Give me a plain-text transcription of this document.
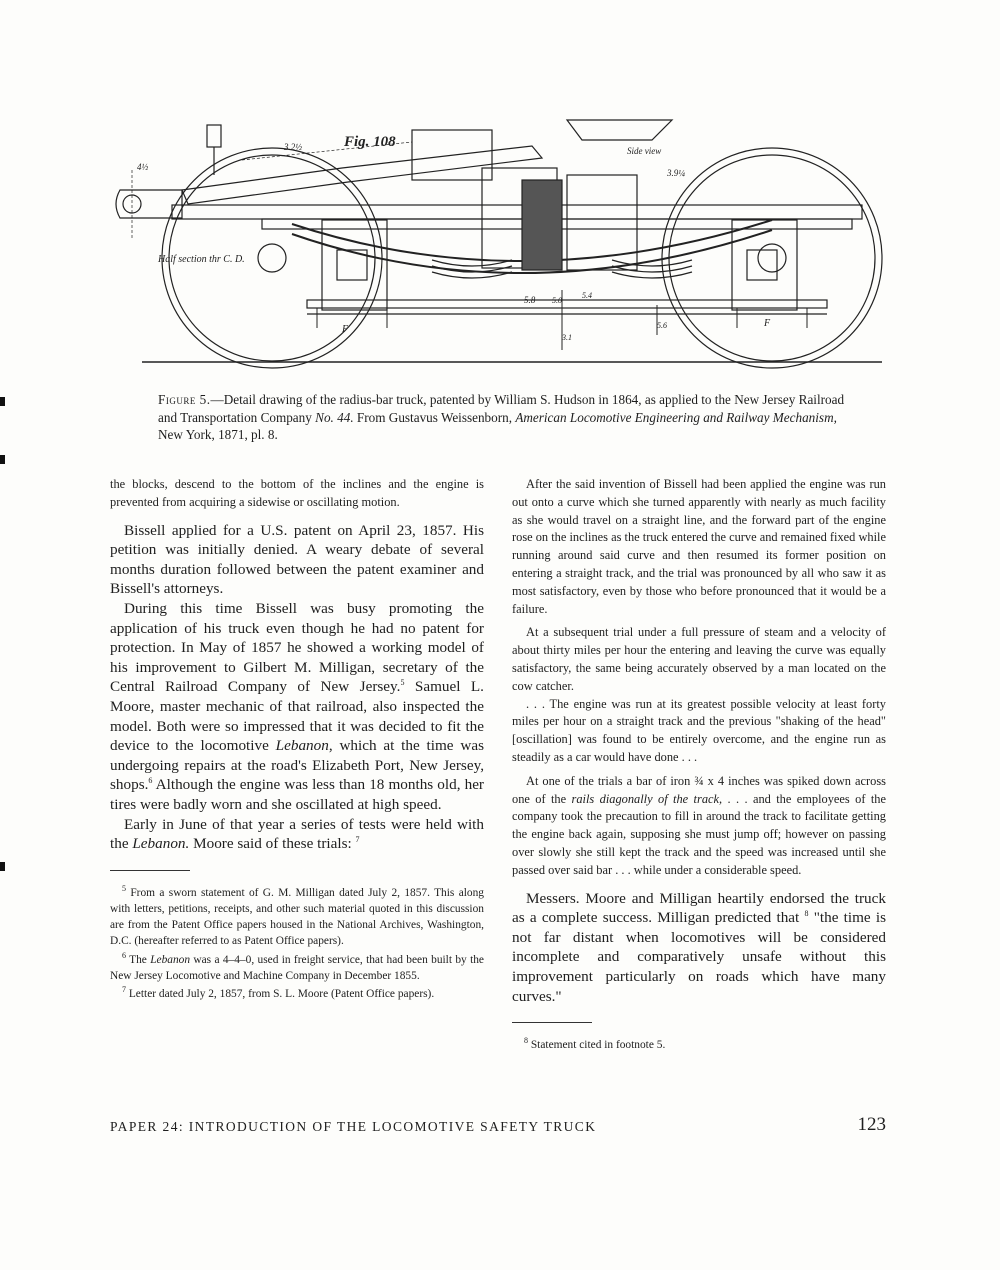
Fig. 108
Side view
Half section thr C. D.
3.2½
4½
5.8
3.9¼
F
F
5.0
5.4
3.1
5.6
Figure 5.—Detail drawing of the radius-bar truck, patented by William S. Hudson in 1864, as applied to the New Jersey Railroad and Transportation Company No. 44. From Gustavus Weissenborn, American Locomotive Engineering and Railway Mechanism, New York, 1871, pl. 8.

the blocks, descend to the bottom of the inclines and the engine is prevented from acquiring a sidewise or oscillating motion.

Bissell applied for a U.S. patent on April 23, 1857. His petition was initially denied. A weary debate of several months duration followed between the patent examiner and Bissell's attorneys.

During this time Bissell was busy promoting the application of his truck even though he had no patent for protection. In May of 1857 he showed a working model of his improvement to Gilbert M. Milligan, secretary of the Central Railroad Company of New Jersey.$^5$ Samuel L. Moore, master mechanic of that railroad, also inspected the model. Both were so impressed that it was decided to fit the device to the locomotive Lebanon, which at the time was undergoing repairs at the road's Elizabeth Port, New Jersey, shops.$^6$ Although the engine was less than 18 months old, her tires were badly worn and she oscillated at high speed.

Early in June of that year a series of tests were held with the Lebanon. Moore said of these trials: $^7$

$^5$ From a sworn statement of G. M. Milligan dated July 2, 1857. This along with letters, petitions, receipts, and other such material quoted in this discussion are from the Patent Office papers housed in the National Archives, Washington, D.C. (hereafter referred to as Patent Office papers).

$^6$ The Lebanon was a 4–4–0, used in freight service, that had been built by the New Jersey Locomotive and Machine Company in December 1855.

$^7$ Letter dated July 2, 1857, from S. L. Moore (Patent Office papers).

After the said invention of Bissell had been applied the engine was run out onto a curve which she turned apparently with nearly as much facility as she would travel on a straight line, and the forward part of the engine rose on the inclines as the truck entered the curve and remained fixed while running around said curve and then resumed its former position on entering a straight track, and the trial was pronounced by all who saw it as most satisfactory, even by those who before pronounced that it would be a failure.

At a subsequent trial under a full pressure of steam and a velocity of about thirty miles per hour the entering and leaving the curve was equally satisfactory, the same being accurately observed by a man located on the cow catcher.

. . . The engine was run at its greatest possible velocity at least forty miles per hour on a straight track and the previous "shaking of the head" [oscillation] was found to be entirely overcome, and the engine run as steadily as a car would have done . . .

At one of the trials a bar of iron ¾ x 4 inches was spiked down across one of the rails diagonally of the track, . . . and the employees of the company took the precaution to fill in around the track to facilitate getting the engine back again, supposing she must jump off; however on passing over slowly she still kept the track and the speed was increased until she passed over said bar . . . while under a considerable speed.

Messers. Moore and Milligan heartily endorsed the truck as a complete success. Milligan predicted that $^8$ "the time is not far distant when locomotives will be considered incomplete and comparatively unsafe without this improvement particularly on roads which have many curves."

$^8$ Statement cited in footnote 5.

PAPER 24: INTRODUCTION OF THE LOCOMOTIVE SAFETY TRUCK	123
